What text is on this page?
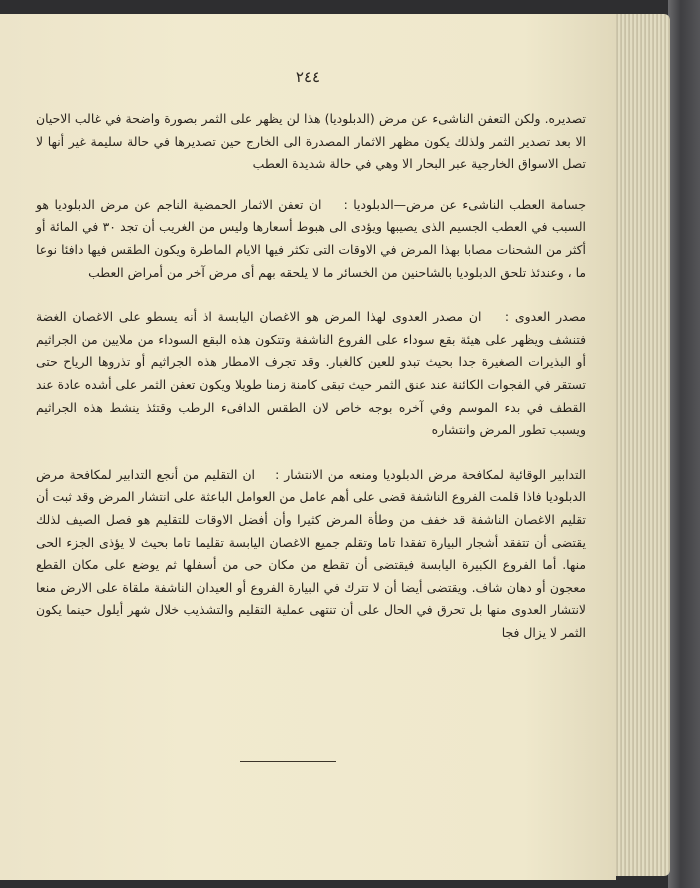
٢٤٤

تصديره. ولكن التعفن الناشىء عن مرض (الدبلوديا) هذا لن يظهر على الثمر بصورة واضحة في غالب الاحيان الا بعد تصدير الثمر ولذلك يكون مظهر الاثمار المصدرة الى الخارج حين تصديرها في حالة سليمة غير أنها لا تصل الاسواق الخارجية عبر البحار الا وهي في حالة شديدة العطب

جسامة العطب الناشىء عن مرض—الدبلوديا :    ان تعفن الاثمار الحمضية الناجم عن مرض الدبلوديا هو السبب في العطب الجسيم الذى يصيبها ويؤدى الى هبوط أسعارها وليس من الغريب أن تجد ٣٠ في المائة أو أكثر من الشحنات مصابا بهذا المرض في الاوقات التى تكثر فيها الايام الماطرة ويكون الطقس فيها دافئا نوعا ما ، وعندئذ تلحق الدبلوديا بالشاحنين من الخسائر ما لا يلحقه بهم أى مرض آخر من أمراض العطب

مصدر العدوى :    ان مصدر العدوى لهذا المرض هو الاغصان اليابسة اذ أنه يسطو على الاغصان الغضة فتنشف ويظهر على هيئة بقع سوداء على الفروع الناشفة وتتكون هذه البقع السوداء من ملايين من الجراثيم أو البذيرات الصغيرة جدا بحيث تبدو للعين كالغبار. وقد تجرف الامطار هذه الجراثيم أو تذروها الرياح حتى تستقر في الفجوات الكائنة عند عنق الثمر حيث تبقى كامنة زمنا طويلا ويكون تعفن الثمر على أشده عادة عند القطف في بدء الموسم وفي آخره بوجه خاص لان الطقس الدافىء الرطب وقتئذ ينشط هذه الجراثيم ويسبب تطور المرض وانتشاره

التدابير الوقائية لمكافحة مرض الدبلوديا ومنعه من الانتشار :    ان التقليم من أنجع التدابير لمكافحة مرض الدبلوديا فاذا قلمت الفروع الناشفة قضى على أهم عامل من العوامل الباعثة على انتشار المرض وقد ثبت أن تقليم الاغصان الناشفة قد خفف من وطأة المرض كثيرا وأن أفضل الاوقات للتقليم هو فصل الصيف لذلك يقتضى أن تتفقد أشجار البيارة تفقدا تاما وتقلم جميع الاغصان اليابسة تقليما تاما بحيث لا يؤذى الجزء الحى منها. أما الفروع الكبيرة اليابسة فيقتضى أن تقطع من مكان حى من أسفلها ثم يوضع على مكان القطع معجون أو دهان شاف. ويقتضى أيضا أن لا تترك في البيارة الفروع أو العيدان الناشفة ملقاة على الارض منعا لانتشار العدوى منها بل تحرق في الحال على أن تنتهى عملية التقليم والتشذيب خلال شهر أيلول حينما يكون الثمر لا يزال فجا
